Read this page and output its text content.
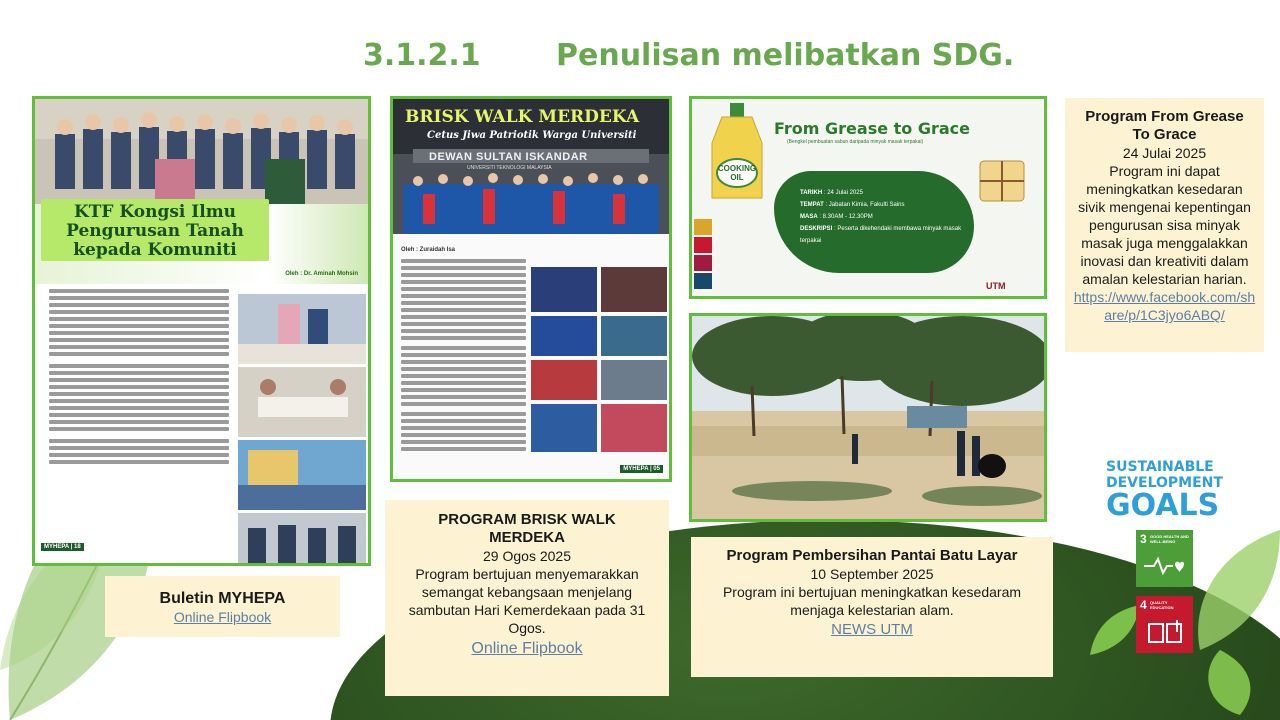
3.1.2.1	Penulisan melibatkan SDG.
KTF Kongsi Ilmu Pengurusan Tanah kepada Komuniti
Oleh : Dr. Aminah Mohsin
MYHEPA | 18
BRISK WALK MERDEKA
Cetus Jiwa Patriotik Warga Universiti
DEWAN SULTAN ISKANDAR
UNIVERSITI TEKNOLOGI MALAYSIA
Oleh : Zuraidah Isa
MYHEPA | 05
COOKING OIL
From Grease to Grace
(Bengkel pembuatan sabun daripada minyak masak terpakai)
TARIKH : 24 Julai 2025
TEMPAT : Jabatan Kimia, Fakulti Sains
MASA : 8.30AM - 12.30PM
DESKRIPSI : Peserta dikehendaki membawa minyak masak terpakai
UTM
Buletin MYHEPA
Online Flipbook
PROGRAM BRISK WALK MERDEKA
29 Ogos 2025
Program bertujuan menyemarakkan semangat kebangsaan menjelang sambutan Hari Kemerdekaan pada 31 Ogos.
Online Flipbook
Program Pembersihan Pantai Batu Layar
10 September 2025
Program ini bertujuan meningkatkan kesedaram menjaga kelestarian alam.
NEWS UTM
Program From Grease To Grace
24 Julai 2025
Program ini dapat meningkatkan kesedaran sivik mengenai kepentingan pengurusan sisa minyak masak juga menggalakkan inovasi dan kreativiti dalam amalan kelestarian harian.
https://www.facebook.com/share/p/1C3jyo6ABQ/
SUSTAINABLE
DEVELOPMENT
GOALS
3 GOOD HEALTH AND WELL-BEING
4 QUALITY EDUCATION
